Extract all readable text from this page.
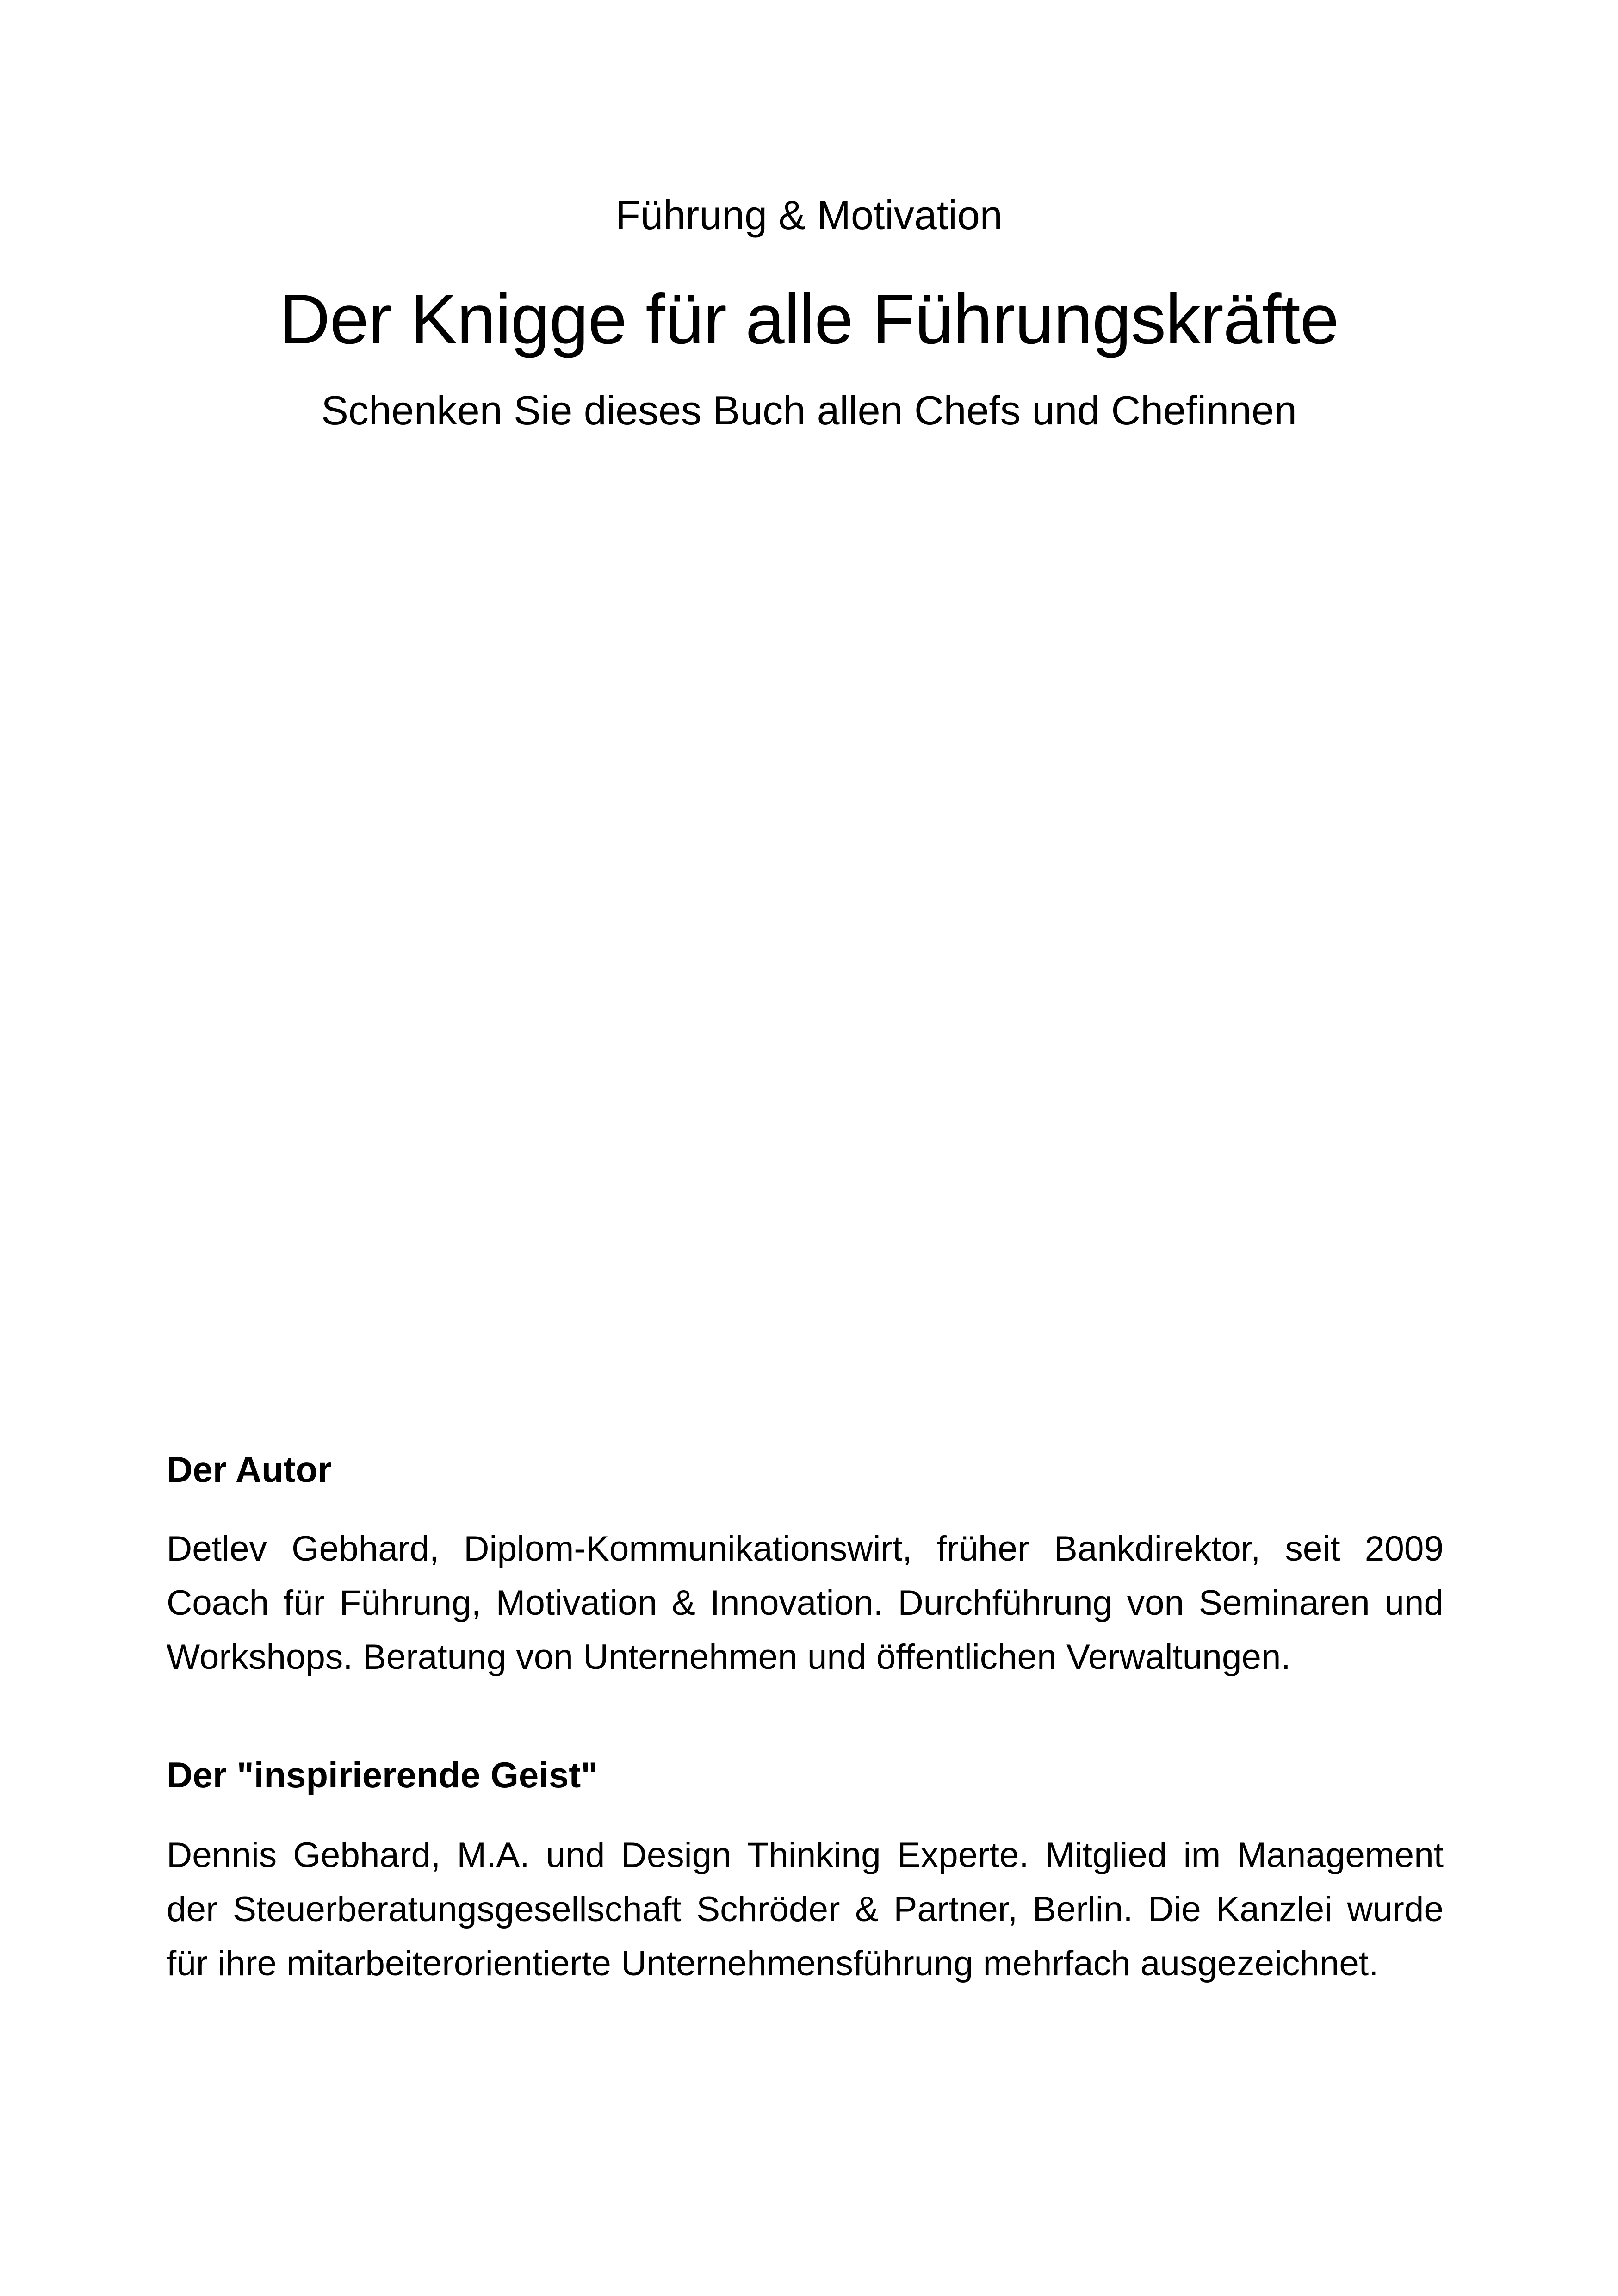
Führung & Motivation

Der Knigge für alle Führungskräfte

Schenken Sie dieses Buch allen Chefs und Chefinnen

Der Autor

Detlev Gebhard, Diplom-Kommunikationswirt, früher Bankdirektor, seit 2009 Coach für Führung, Motivation & Innovation. Durchführung von Seminaren und Workshops. Beratung von Unternehmen und öffentlichen Verwaltungen.

Der "inspirierende Geist"

Dennis Gebhard, M.A. und Design Thinking Experte. Mitglied im Management der Steuerberatungsgesellschaft Schröder & Partner, Berlin. Die Kanzlei wurde für ihre mitarbeiterorientierte Unternehmensführung mehrfach ausgezeichnet.
